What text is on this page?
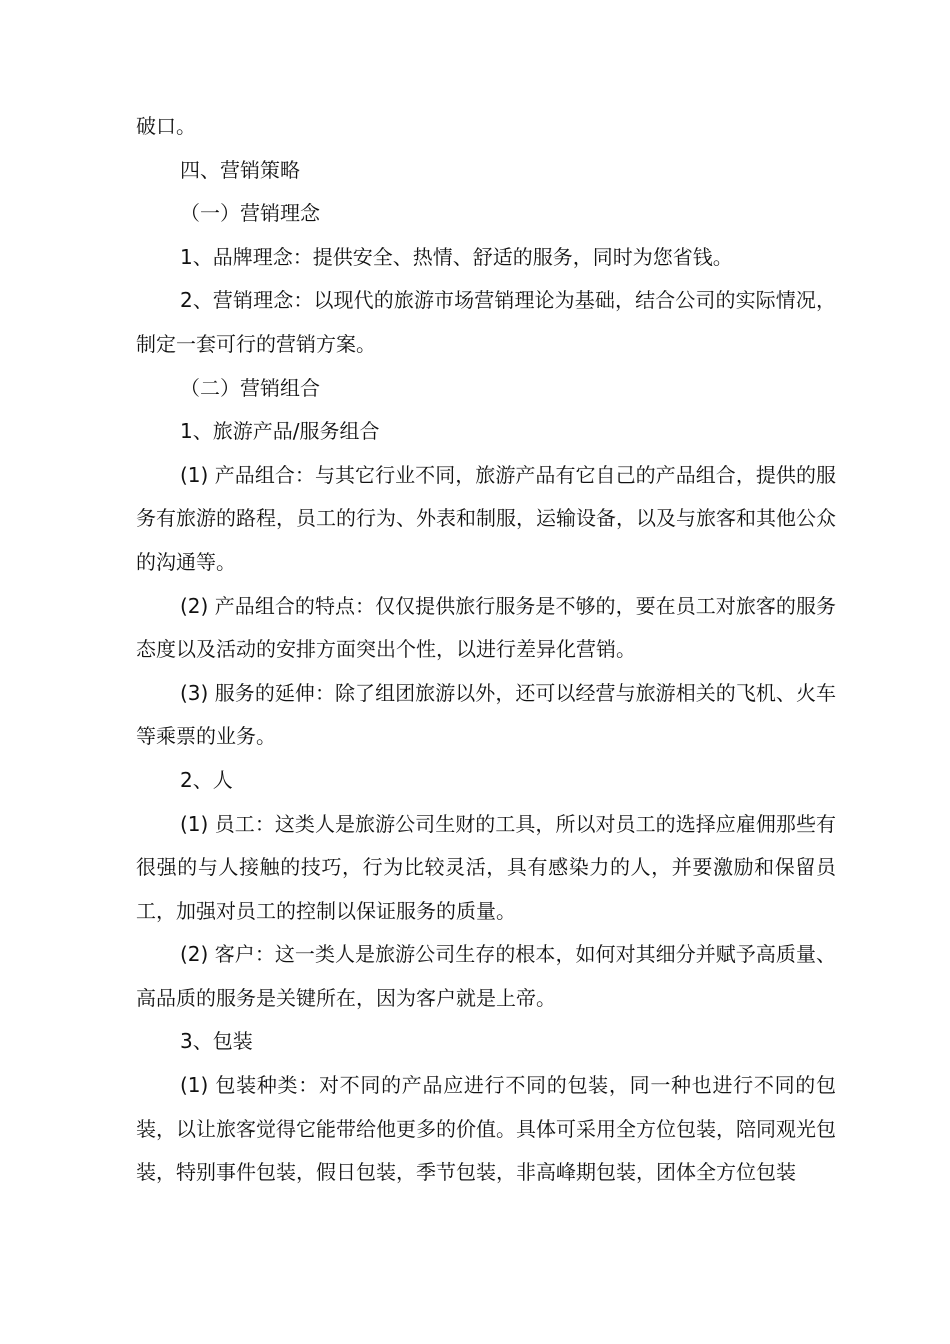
破口。

四、营销策略

（一）营销理念

1、品牌理念：提供安全、热情、舒适的服务，同时为您省钱。

2、营销理念：以现代的旅游市场营销理论为基础，结合公司的实际情况，制定一套可行的营销方案。

（二）营销组合

1、旅游产品/服务组合

(1) 产品组合：与其它行业不同，旅游产品有它自己的产品组合，提供的服务有旅游的路程，员工的行为、外表和制服，运输设备，以及与旅客和其他公众的沟通等。

(2) 产品组合的特点：仅仅提供旅行服务是不够的，要在员工对旅客的服务态度以及活动的安排方面突出个性，以进行差异化营销。

(3) 服务的延伸：除了组团旅游以外，还可以经营与旅游相关的飞机、火车等乘票的业务。

2、人

(1) 员工：这类人是旅游公司生财的工具，所以对员工的选择应雇佣那些有很强的与人接触的技巧，行为比较灵活，具有感染力的人，并要激励和保留员工，加强对员工的控制以保证服务的质量。

(2) 客户：这一类人是旅游公司生存的根本，如何对其细分并赋予高质量、高品质的服务是关键所在，因为客户就是上帝。

3、包装

(1) 包装种类：对不同的产品应进行不同的包装，同一种也进行不同的包装，以让旅客觉得它能带给他更多的价值。具体可采用全方位包装，陪同观光包装，特别事件包装，假日包装，季节包装，非高峰期包装，团体全方位包装
